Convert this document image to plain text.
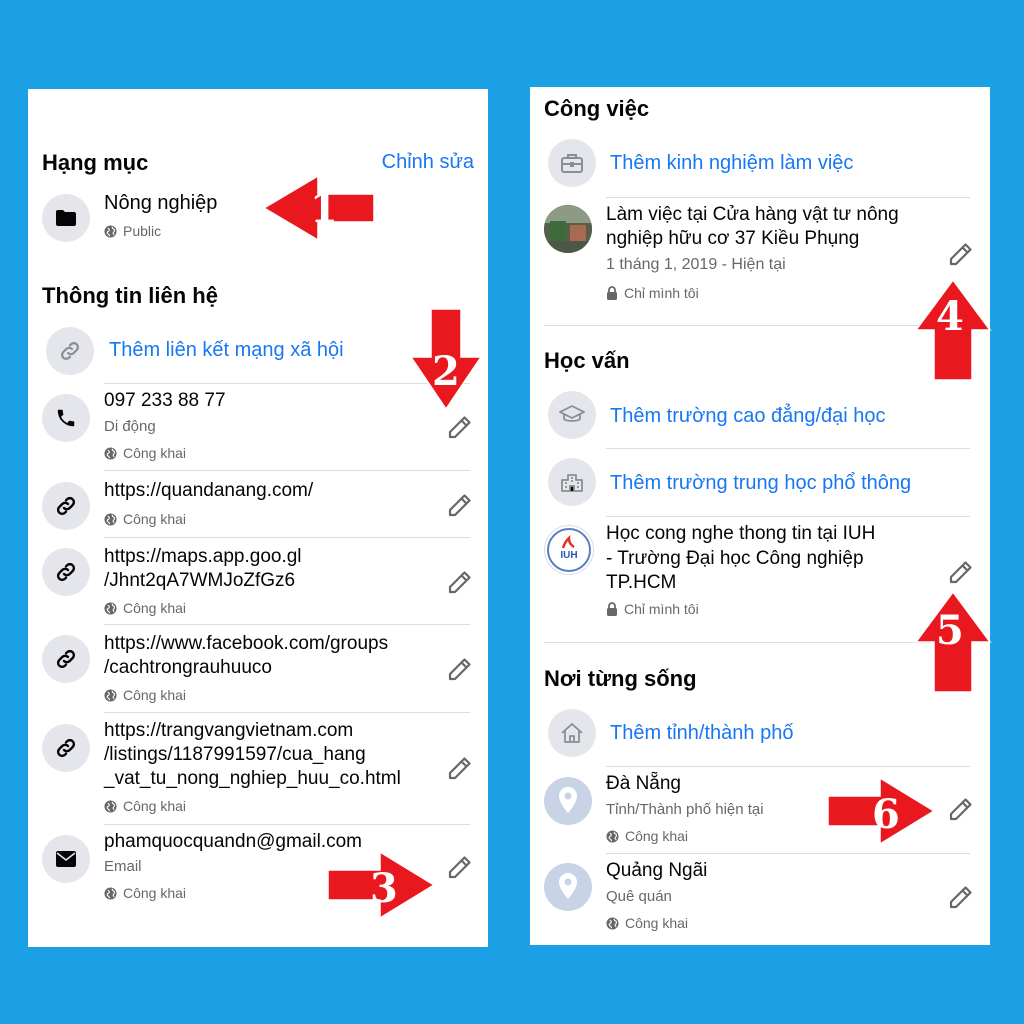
Hạng mục	Chỉnh sửa
Nông nghiệp
Public
Thông tin liên hệ
Thêm liên kết mạng xã hội
097 233 88 77
Di động
Công khai
https://quandanang.com/
Công khai
https://maps.app.goo.gl
/Jhnt2qA7WMJoZfGz6
Công khai
https://www.facebook.com/groups
/cachtrongrauhuuco
Công khai
https://trangvangvietnam.com
/listings/1187991597/cua_hang
_vat_tu_nong_nghiep_huu_co.html
Công khai
phamquocquandn@gmail.com
Email
Công khai
Công việc
Thêm kinh nghiệm làm việc
Làm việc tại Cửa hàng vật tư nông
nghiệp hữu cơ 37 Kiều Phụng
1 tháng 1, 2019 - Hiện tại
Chỉ mình tôi
Học vấn
Thêm trường cao đẳng/đại học
Thêm trường trung học phổ thông
IUH
Học cong nghe thong tin tại IUH
- Trường Đại học Công nghiệp
TP.HCM
Chỉ mình tôi
Nơi từng sống
Thêm tỉnh/thành phố
Đà Nẵng
Tỉnh/Thành phố hiện tại
Công khai
Quảng Ngãi
Quê quán
Công khai
1
2
3
4
5
6
